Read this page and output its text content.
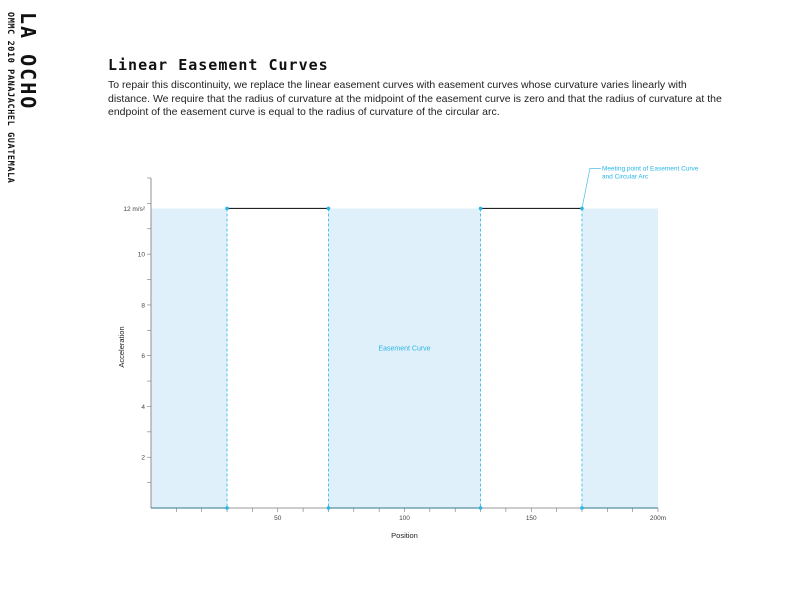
LA OCHO
OMMC 2010 PANAJACHEL GUATEMALA	Linear Easement Curves

To repair this discontinuity, we replace the linear easement curves with easement curves whose curvature varies linearly with distance. We require that the radius of curvature at the midpoint of the easement curve is zero and that the radius of curvature at the endpoint of the easement curve is equal to the radius of curvature of the circular arc.

2
4
6
8
10
12 m/s²
50	100	150	200m
Position
Acceleration	Easement Curve
Meeting point of Easement Curve
and Circular Arc
